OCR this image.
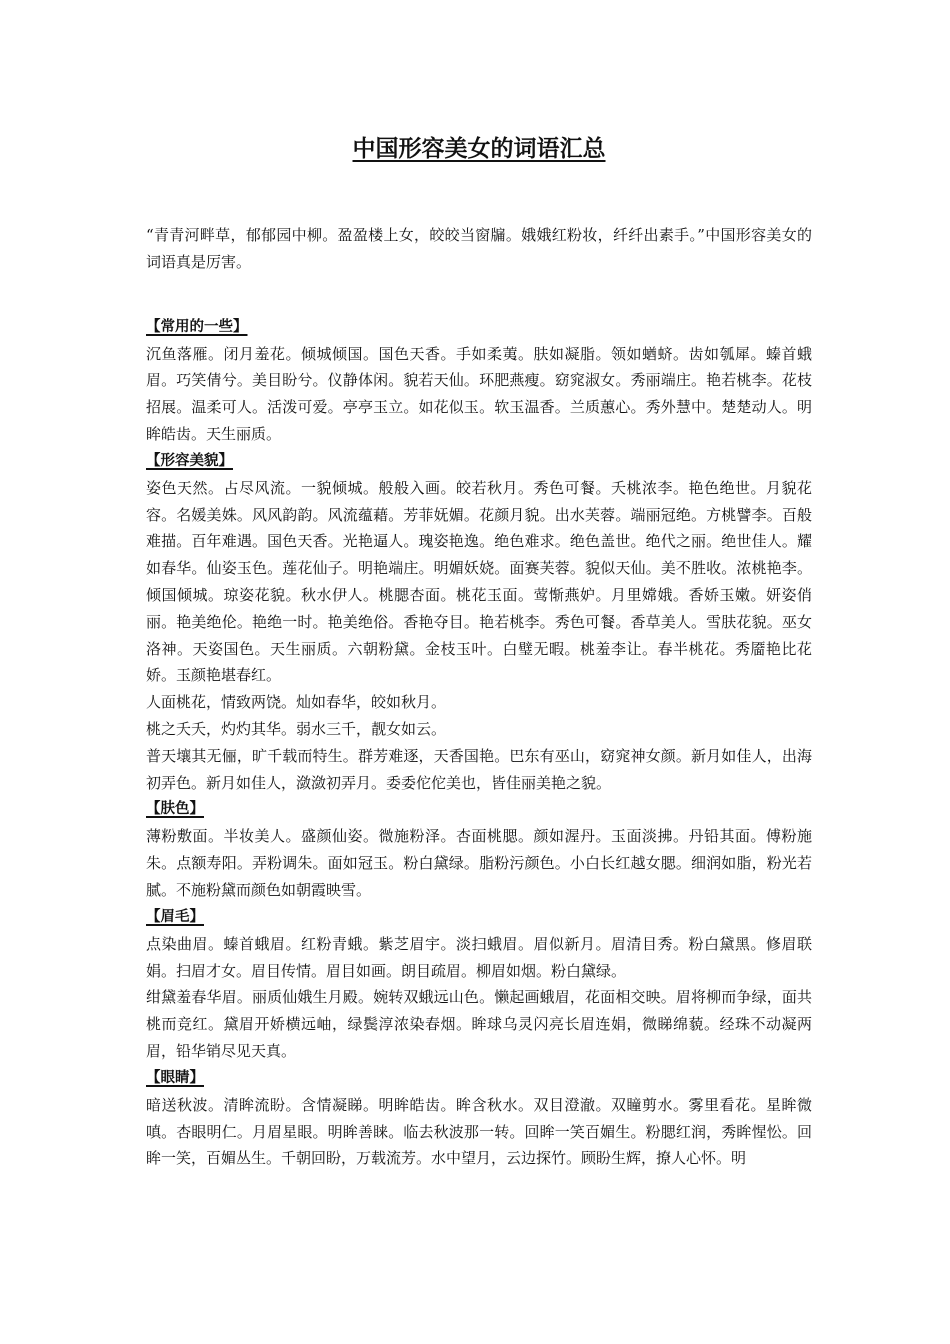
中国形容美女的词语汇总

“青青河畔草，郁郁园中柳。盈盈楼上女，皎皎当窗牖。娥娥红粉妆，纤纤出素手。”中国形容美女的词语真是厉害。

【常用的一些】

沉鱼落雁。闭月羞花。倾城倾国。国色天香。手如柔荑。肤如凝脂。领如蝤蛴。齿如瓠犀。螓首蛾眉。巧笑倩兮。美目盼兮。仪静体闲。貌若天仙。环肥燕瘦。窈窕淑女。秀丽端庄。艳若桃李。花枝招展。温柔可人。活泼可爱。亭亭玉立。如花似玉。软玉温香。兰质蕙心。秀外慧中。楚楚动人。明眸皓齿。天生丽质。

【形容美貌】

姿色天然。占尽风流。一貌倾城。般般入画。皎若秋月。秀色可餐。夭桃浓李。艳色绝世。月貌花容。名媛美姝。风风韵韵。风流蕴藉。芳菲妩媚。花颜月貌。出水芙蓉。端丽冠绝。方桃譬李。百般难描。百年难遇。国色天香。光艳逼人。瑰姿艳逸。绝色难求。绝色盖世。绝代之丽。绝世佳人。耀如春华。仙姿玉色。莲花仙子。明艳端庄。明媚妖娆。面赛芙蓉。貌似天仙。美不胜收。浓桃艳李。倾国倾城。琼姿花貌。秋水伊人。桃腮杏面。桃花玉面。莺惭燕妒。月里嫦娥。香娇玉嫩。妍姿俏丽。艳美绝伦。艳绝一时。艳美绝俗。香艳夺目。艳若桃李。秀色可餐。香草美人。雪肤花貌。巫女洛神。天姿国色。天生丽质。六朝粉黛。金枝玉叶。白璧无暇。桃羞李让。春半桃花。秀靥艳比花娇。玉颜艳堪春红。

人面桃花，情致两饶。灿如春华，皎如秋月。

桃之夭夭，灼灼其华。弱水三千，靓女如云。

普天壤其无俪，旷千载而特生。群芳难逐，天香国艳。巴东有巫山，窈窕神女颜。新月如佳人，出海初弄色。新月如佳人，潋潋初弄月。委委佗佗美也，皆佳丽美艳之貌。

【肤色】

薄粉敷面。半妆美人。盛颜仙姿。微施粉泽。杏面桃腮。颜如渥丹。玉面淡拂。丹铅其面。傅粉施朱。点额寿阳。弄粉调朱。面如冠玉。粉白黛绿。脂粉污颜色。小白长红越女腮。细润如脂，粉光若腻。不施粉黛而颜色如朝霞映雪。

【眉毛】

点染曲眉。螓首蛾眉。红粉青蛾。紫芝眉宇。淡扫蛾眉。眉似新月。眉清目秀。粉白黛黑。修眉联娟。扫眉才女。眉目传情。眉目如画。朗目疏眉。柳眉如烟。粉白黛绿。

绀黛羞春华眉。丽质仙娥生月殿。婉转双蛾远山色。懒起画蛾眉，花面相交映。眉将柳而争绿，面共桃而竞红。黛眉开娇横远岫，绿鬓淳浓染春烟。眸球乌灵闪亮长眉连娟，微睇绵藐。经珠不动凝两眉，铅华销尽见天真。

【眼睛】

暗送秋波。清眸流盼。含情凝睇。明眸皓齿。眸含秋水。双目澄澈。双瞳剪水。雾里看花。星眸微嗔。杏眼明仁。月眉星眼。明眸善睐。临去秋波那一转。回眸一笑百媚生。粉腮红润，秀眸惺忪。回眸一笑，百媚丛生。千朝回盼，万载流芳。水中望月，云边探竹。顾盼生辉，撩人心怀。明
